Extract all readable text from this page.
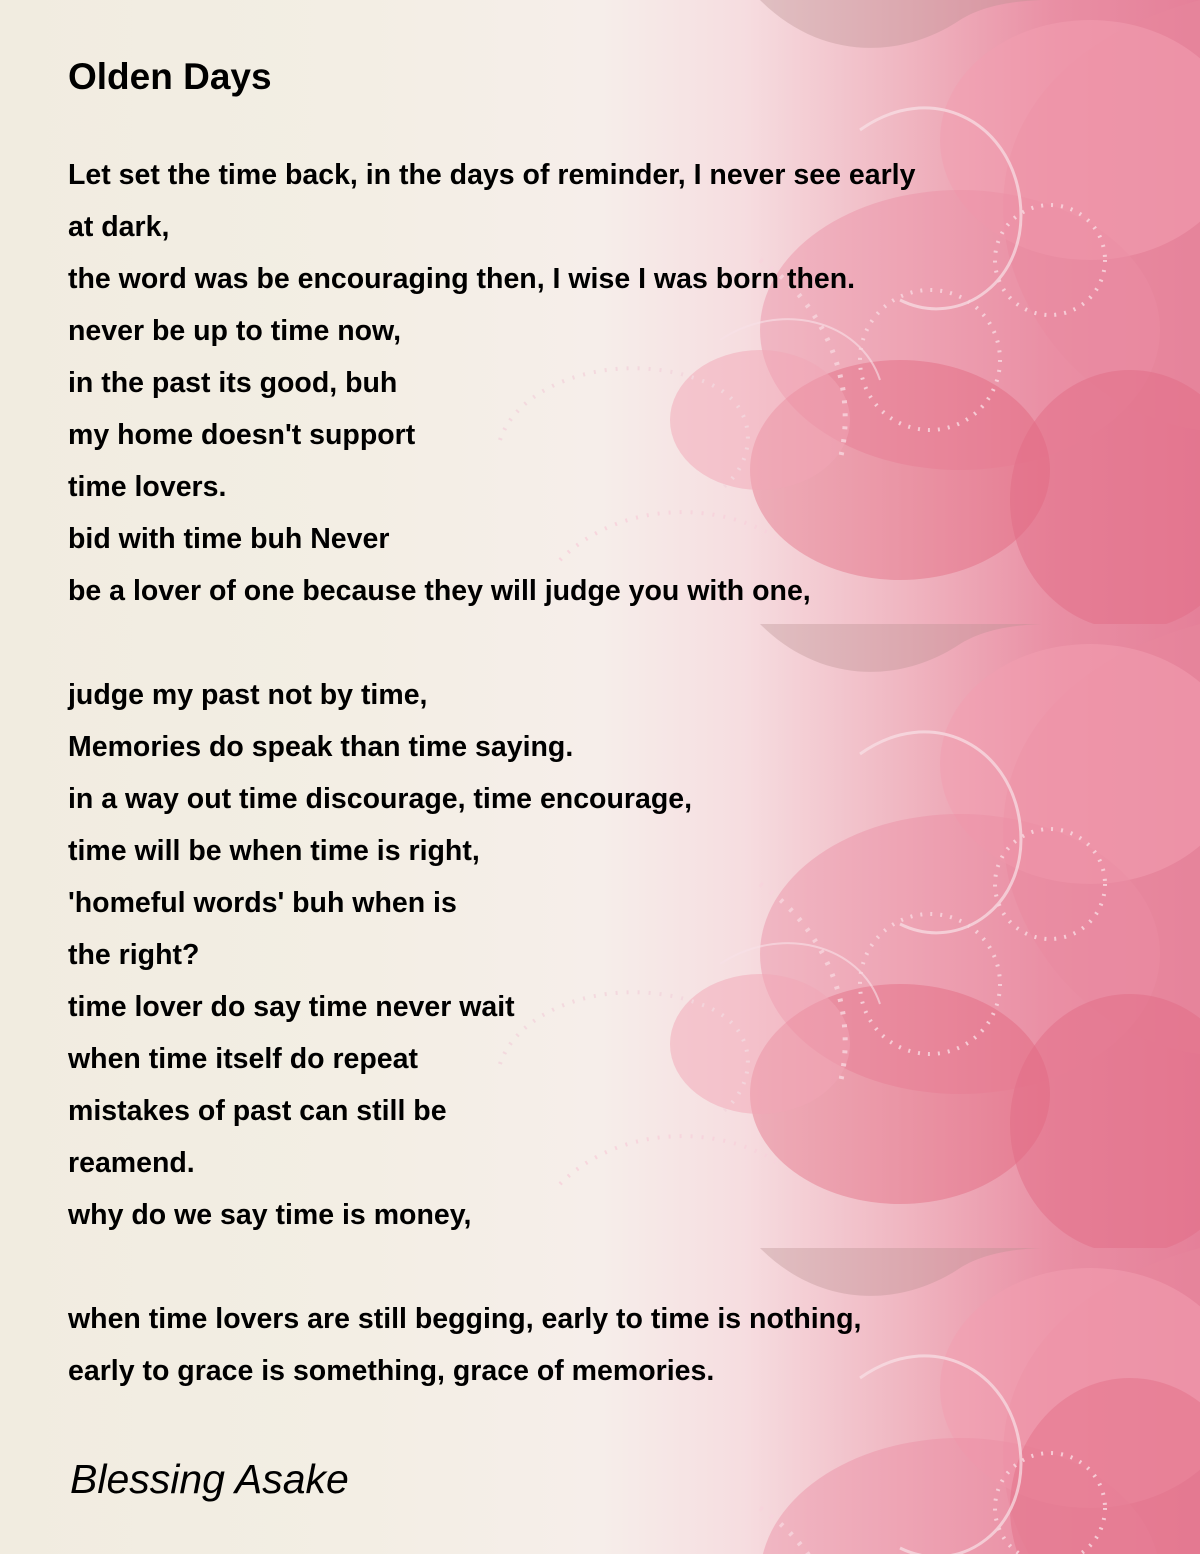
Olden Days
Let set the time back, in the days of reminder, I never see early
at dark,
the word was be encouraging then, I wise I was born then.
never be up to time now,
in the past its good, buh
my home doesn't support
time lovers.
bid with time buh Never
be a lover of one because they will judge you with one,
judge my past not by time,
Memories do speak than time saying.
in a way out time discourage, time encourage,
time will be when time is right,
'homeful words' buh when is
the right?
time lover do say time never wait
when time itself do repeat
mistakes of past can still be
reamend.
why do we say time is money,
when time lovers are still begging, early to time is nothing,
early to grace is something, grace of memories.

Blessing Asake
